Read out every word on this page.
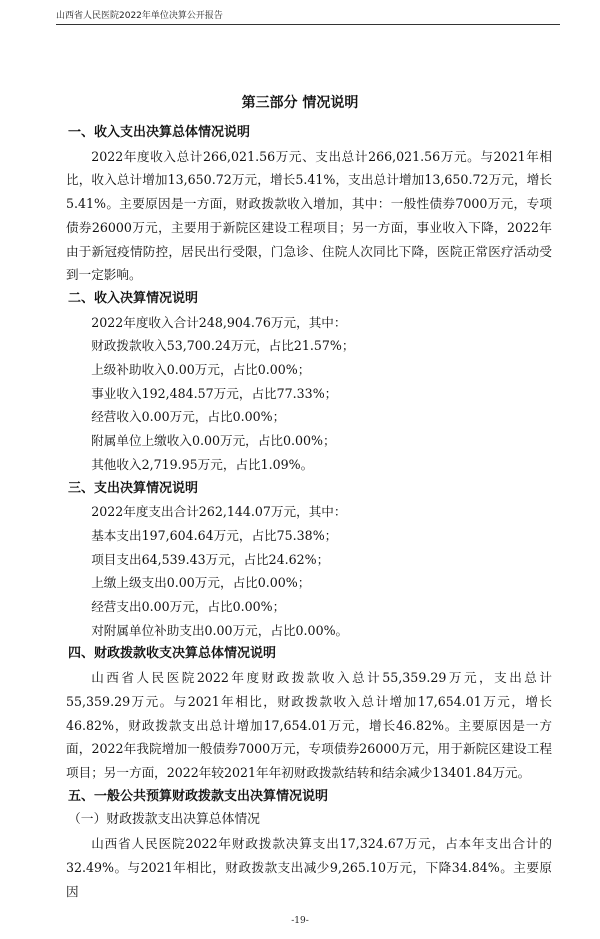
山西省人民医院2022年单位决算公开报告
第三部分 情况说明

一、收入支出决算总体情况说明

2022年度收入总计266,021.56万元、支出总计266,021.56万元。与2021年相比，收入总计增加13,650.72万元，增长5.41%，支出总计增加13,650.72万元，增长5.41%。主要原因是一方面，财政拨款收入增加，其中：一般性债券7000万元，专项债券26000万元，主要用于新院区建设工程项目；另一方面，事业收入下降，2022年由于新冠疫情防控，居民出行受限，门急诊、住院人次同比下降，医院正常医疗活动受到一定影响。

二、收入决算情况说明

2022年度收入合计248,904.76万元，其中：

财政拨款收入53,700.24万元，占比21.57%；

上级补助收入0.00万元，占比0.00%；

事业收入192,484.57万元，占比77.33%；

经营收入0.00万元，占比0.00%；

附属单位上缴收入0.00万元，占比0.00%；

其他收入2,719.95万元，占比1.09%。

三、支出决算情况说明

2022年度支出合计262,144.07万元，其中：

基本支出197,604.64万元，占比75.38%；

项目支出64,539.43万元，占比24.62%；

上缴上级支出0.00万元，占比0.00%；

经营支出0.00万元，占比0.00%；

对附属单位补助支出0.00万元，占比0.00%。

四、财政拨款收支决算总体情况说明

山西省人民医院2022年度财政拨款收入总计55,359.29万元，支出总计55,359.29万元。与2021年相比，财政拨款收入总计增加17,654.01万元，增长46.82%，财政拨款支出总计增加17,654.01万元，增长46.82%。主要原因是一方面，2022年我院增加一般债券7000万元，专项债券26000万元，用于新院区建设工程项目；另一方面，2022年较2021年年初财政拨款结转和结余减少13401.84万元。

五、一般公共预算财政拨款支出决算情况说明

（一）财政拨款支出决算总体情况

山西省人民医院2022年财政拨款决算支出17,324.67万元，占本年支出合计的32.49%。与2021年相比，财政拨款支出减少9,265.10万元，下降34.84%。主要原因

-19-
